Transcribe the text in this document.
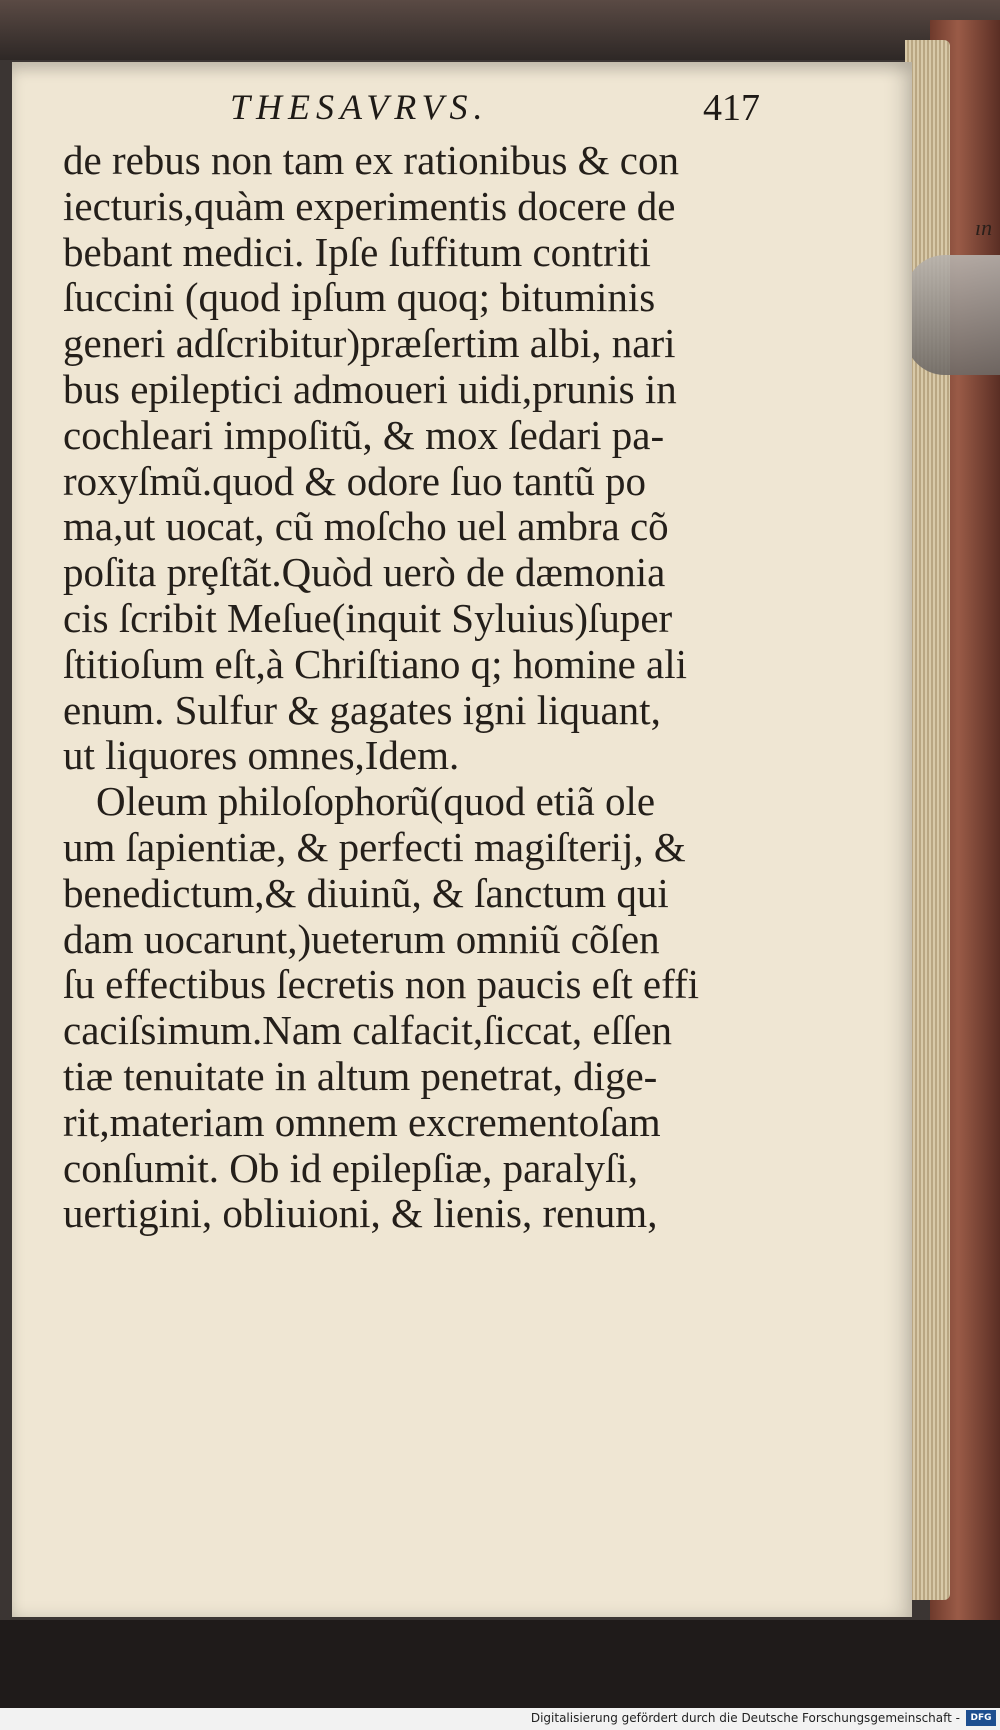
ın
THESAVRVS.	417
de rebus non tam ex rationibus & con
iecturis,quàm experimentis docere de
bebant medici. Ipſe ſuffitum contriti
ſuccini (quod ipſum quoq; bituminis
generi adſcribitur)præſertim albi, nari
bus epileptici admoueri uidi,prunis in
cochleari impoſitũ, & mox ſedari pa-
roxyſmũ.quod & odore ſuo tantũ po
ma,ut uocat, cũ moſcho uel ambra cõ
poſita prȩſtãt.Quòd uerò de dæmonia
cis ſcribit Meſue(inquit Syluius)ſuper
ſtitioſum eſt,à Chriſtiano q; homine ali
enum. Sulfur & gagates igni liquant,
ut liquores omnes,Idem.
Oleum philoſophorũ(quod etiã ole
um ſapientiæ, & perfecti magiſterij, &
benedictum,& diuinũ, & ſanctum qui
dam uocarunt,)ueterum omniũ cõſen
ſu effectibus ſecretis non paucis eſt effi
caciſsimum.Nam calfacit,ſiccat, eſſen
tiæ tenuitate in altum penetrat, dige-
rit,materiam omnem excrementoſam
conſumit. Ob id epilepſiæ, paralyſi,
uertigini, obliuioni, & lienis, renum,
Digitalisierung gefördert durch die Deutsche Forschungsgemeinschaft -	DFG
